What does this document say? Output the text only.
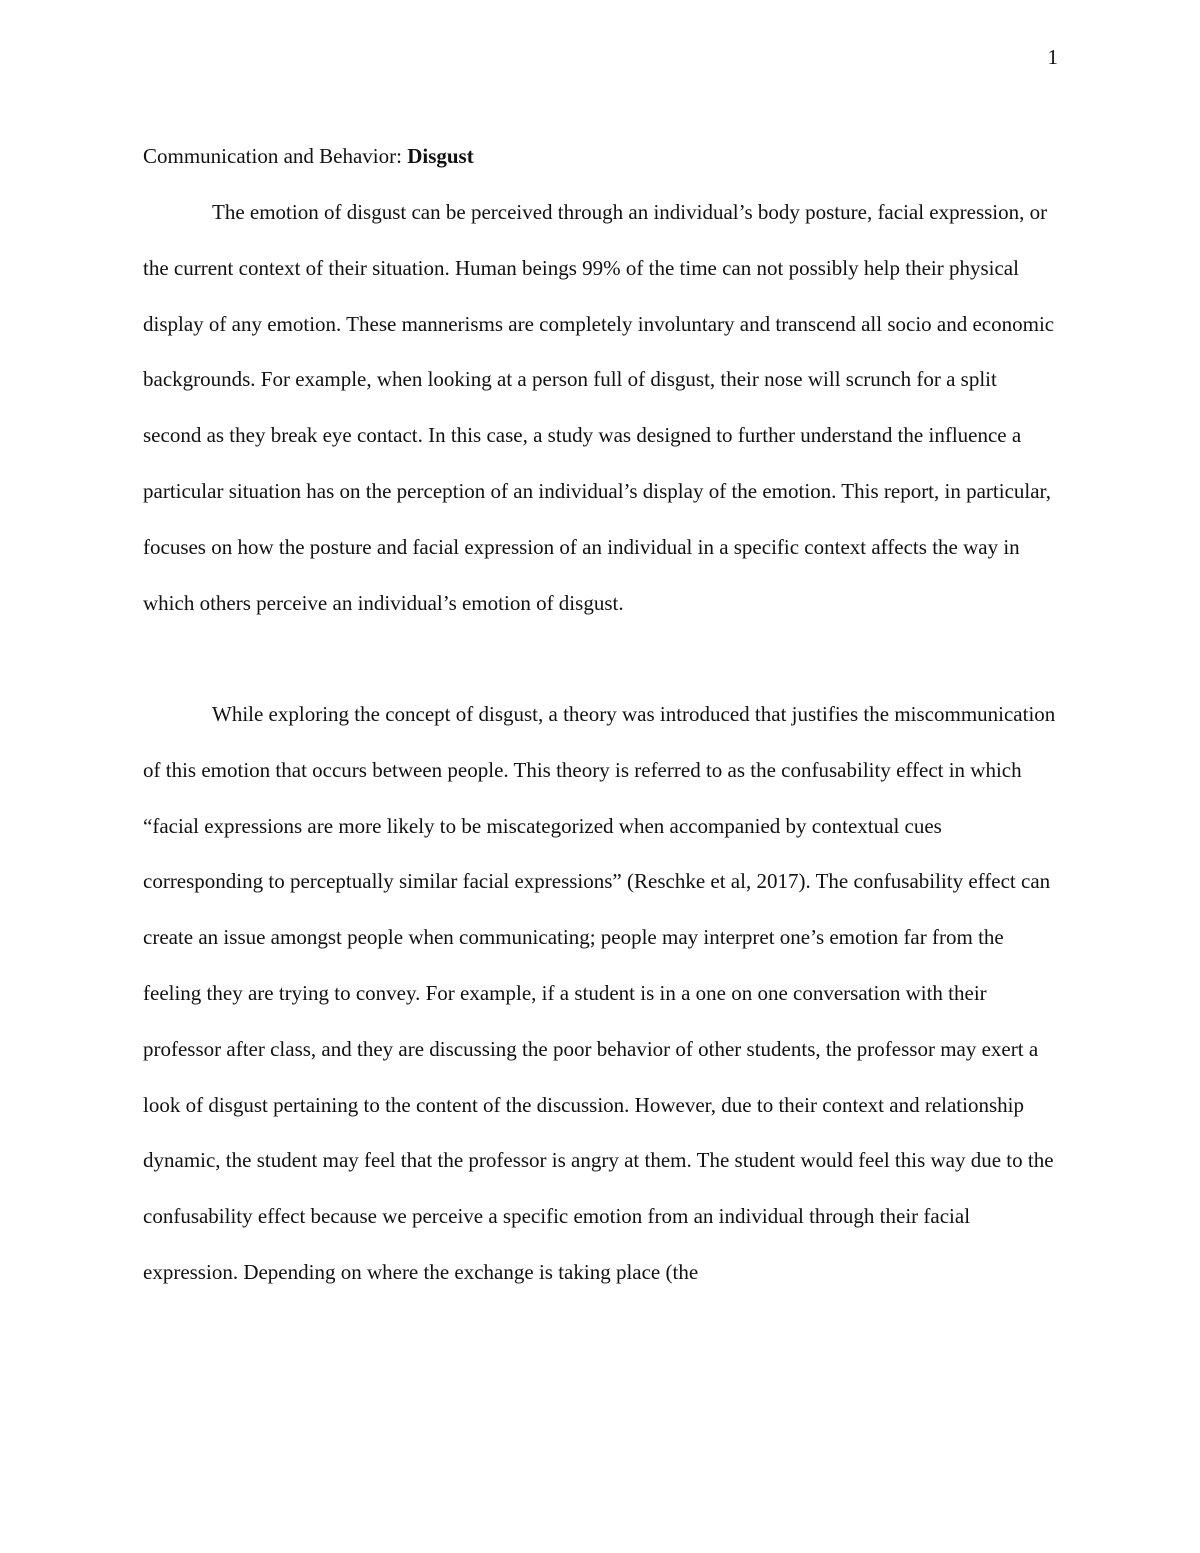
1
Communication and Behavior: Disgust

The emotion of disgust can be perceived through an individual’s body posture, facial expression, or the current context of their situation. Human beings 99% of the time can not possibly help their physical display of any emotion. These mannerisms are completely involuntary and transcend all socio and economic backgrounds. For example, when looking at a person full of disgust, their nose will scrunch for a split second as they break eye contact. In this case, a study was designed to further understand the influence a particular situation has on the perception of an individual’s display of the emotion. This report, in particular, focuses on how the posture and facial expression of an individual in a specific context affects the way in which others perceive an individual’s emotion of disgust.

While exploring the concept of disgust, a theory was introduced that justifies the miscommunication of this emotion that occurs between people. This theory is referred to as the confusability effect in which “facial expressions are more likely to be miscategorized when accompanied by contextual cues corresponding to perceptually similar facial expressions” (Reschke et al, 2017). The confusability effect can create an issue amongst people when communicating; people may interpret one’s emotion far from the feeling they are trying to convey. For example, if a student is in a one on one conversation with their professor after class, and they are discussing the poor behavior of other students, the professor may exert a look of disgust pertaining to the content of the discussion. However, due to their context and relationship dynamic, the student may feel that the professor is angry at them. The student would feel this way due to the confusability effect because we perceive a specific emotion from an individual through their facial expression. Depending on where the exchange is taking place (the
